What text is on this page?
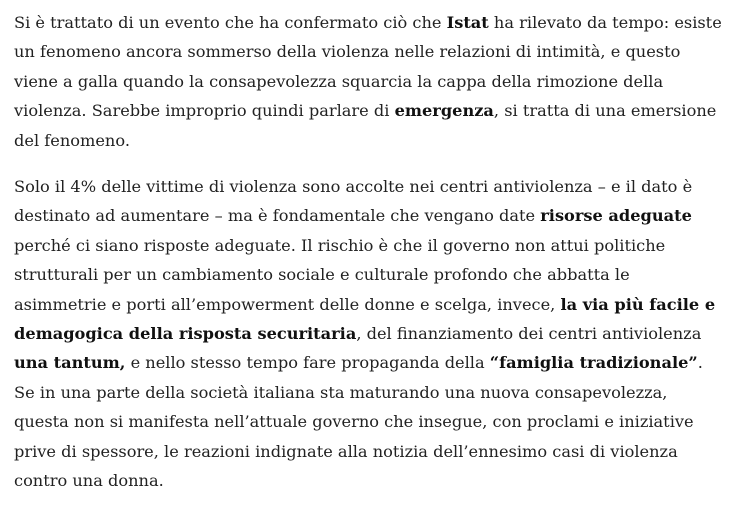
Si è trattato di un evento che ha confermato ciò che Istat ha rilevato da tempo: esiste un fenomeno ancora sommerso della violenza nelle relazioni di intimità, e questo viene a galla quando la consapevolezza squarcia la cappa della rimozione della violenza. Sarebbe improprio quindi parlare di emergenza, si tratta di una emersione del fenomeno.

Solo il 4% delle vittime di violenza sono accolte nei centri antiviolenza – e il dato è destinato ad aumentare – ma è fondamentale che vengano date risorse adeguate perché ci siano risposte adeguate. Il rischio è che il governo non attui politiche strutturali per un cambiamento sociale e culturale profondo che abbatta le asimmetrie e porti all’empowerment delle donne e scelga, invece, la via più facile e demagogica della risposta securitaria, del finanziamento dei centri antiviolenza una tantum, e nello stesso tempo fare propaganda della “famiglia tradizionale”. Se in una parte della società italiana sta maturando una nuova consapevolezza, questa non si manifesta nell’attuale governo che insegue, con proclami e iniziative prive di spessore, le reazioni indignate alla notizia dell’ennesimo casi di violenza contro una donna.
